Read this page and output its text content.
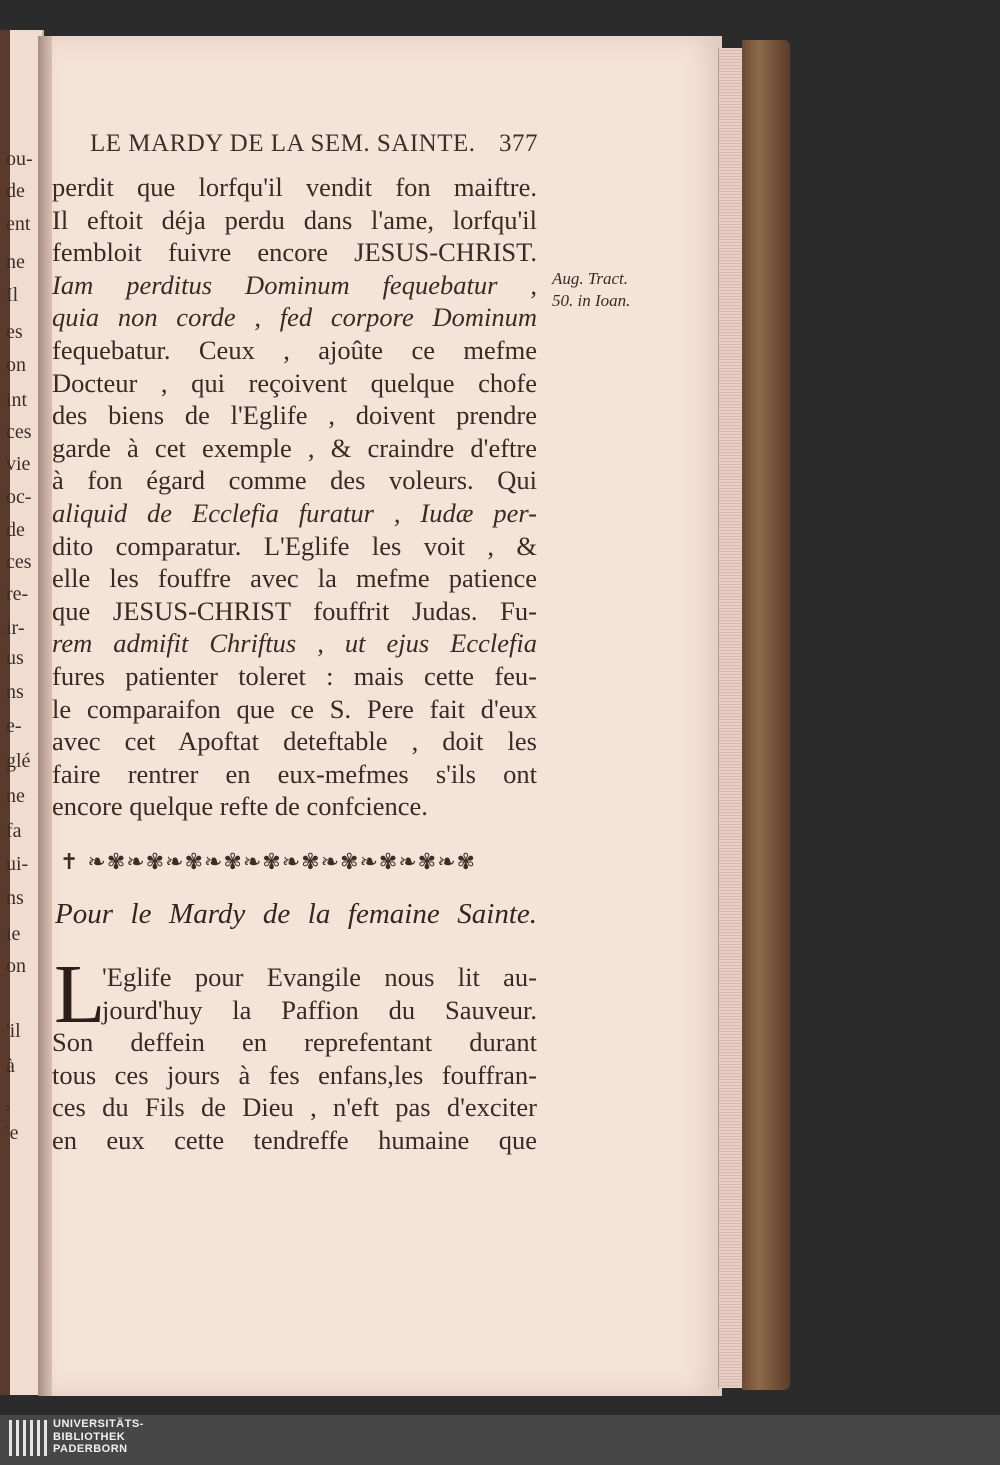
ou-
de
ent
ne
Il
es
on
int
ces
vie
oc-
de
ces
re-
ir-
us
ns
e-
glé
ne
fa
ui-
ns
ie
on
'il
à
,
'e
LE MARDY DE LA SEM. SAINTE. 377
Aug. Tract.
50. in Ioan.
perdit que lorfqu'il vendit fon maiftre.
Il eftoit déja perdu dans l'ame, lorfqu'il
fembloit fuivre encore JESUS-CHRIST.
Iam perditus Dominum fequebatur ,
quia non corde , fed corpore Dominum
fequebatur. Ceux , ajoûte ce mefme
Docteur , qui reçoivent quelque chofe
des biens de l'Eglife , doivent prendre
garde à cet exemple , & craindre d'eftre
à fon égard comme des voleurs. Qui
aliquid de Ecclefia furatur , Iudæ per-
dito comparatur. L'Eglife les voit , &
elle les fouffre avec la mefme patience
que JESUS-CHRIST fouffrit Judas. Fu-
rem admifit Chriftus , ut ejus Ecclefia
fures patienter toleret : mais cette feu-
le comparaifon que ce S. Pere fait d'eux
avec cet Apoftat deteftable , doit les
faire rentrer en eux-mefmes s'ils ont
encore quelque refte de confcience.
✝ ❧✾❧✾❧✾❧✾❧✾❧✾❧✾❧✾❧✾❧✾
Pour le Mardy de la femaine Sainte.
L
'Eglife pour Evangile nous lit au-
jourd'huy la Paffion du Sauveur.
Son deffein en reprefentant durant
tous ces jours à fes enfans,les fouffran-
ces du Fils de Dieu , n'eft pas d'exciter
en eux cette tendreffe humaine que
UNIVERSITÄTS-
BIBLIOTHEK
PADERBORN
